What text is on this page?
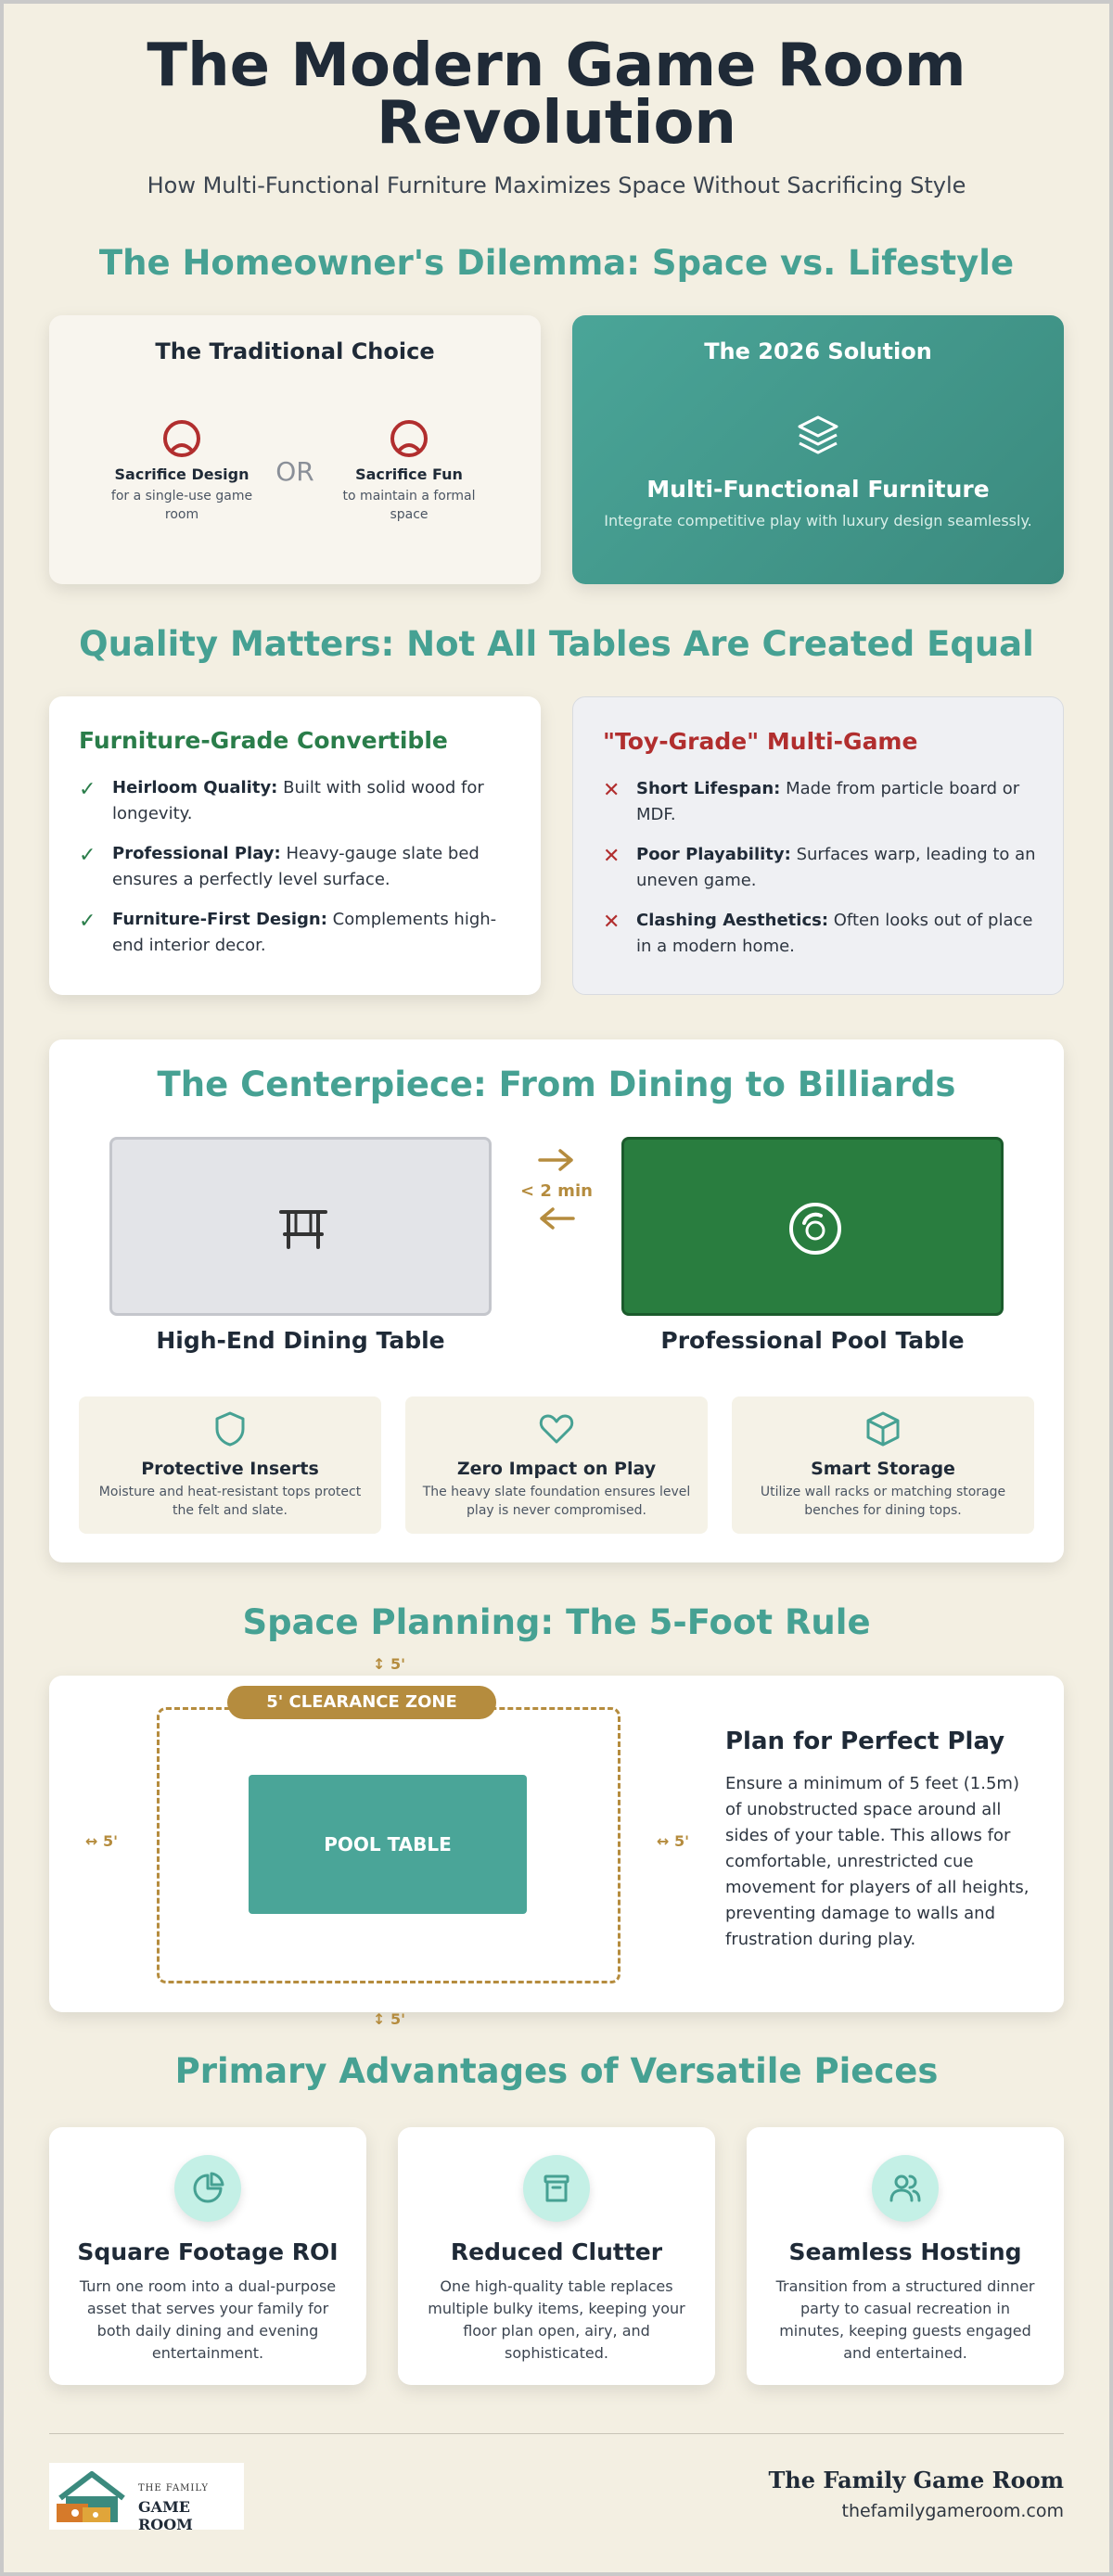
The Modern Game Room
Revolution
How Multi-Functional Furniture Maximizes Space Without Sacrificing Style
The Homeowner's Dilemma: Space vs. Lifestyle
The Traditional Choice
Sacrifice Design
for a single-use game room
OR	Sacrifice Fun
to maintain a formal space
The 2026 Solution
Multi-Functional Furniture
Integrate competitive play with luxury design seamlessly.
Quality Matters: Not All Tables Are Created Equal
Furniture-Grade Convertible
✓ Heirloom Quality: Built with solid wood for longevity.
✓ Professional Play: Heavy-gauge slate bed ensures a perfectly level surface.
✓ Furniture-First Design: Complements high-end interior decor.
"Toy-Grade" Multi-Game
✕ Short Lifespan: Made from particle board or MDF.
✕ Poor Playability: Surfaces warp, leading to an uneven game.
✕ Clashing Aesthetics: Often looks out of place in a modern home.
The Centerpiece: From Dining to Billiards
High-End Dining Table
< 2 min
Professional Pool Table
Protective Inserts
Moisture and heat-resistant tops protect the felt and slate.
Zero Impact on Play
The heavy slate foundation ensures level play is never compromised.
Smart Storage
Utilize wall racks or matching storage benches for dining tops.
Space Planning: The 5-Foot Rule
↕ 5'
POOL TABLE
↔ 5'	↔ 5'
Plan for Perfect Play
Ensure a minimum of 5 feet (1.5m) of unobstructed space around all sides of your table. This allows for comfortable, unrestricted cue movement for players of all heights, preventing damage to walls and frustration during play.
5' CLEARANCE ZONE
↕ 5'
Primary Advantages of Versatile Pieces
Square Footage ROI
Turn one room into a dual-purpose asset that serves your family for both daily dining and evening entertainment.
Reduced Clutter
One high-quality table replaces multiple bulky items, keeping your floor plan open, airy, and sophisticated.
Seamless Hosting
Transition from a structured dinner party to casual recreation in minutes, keeping guests engaged and entertained.
THE FAMILY
GAME ROOM
The Family Game Room
thefamilygameroom.com
